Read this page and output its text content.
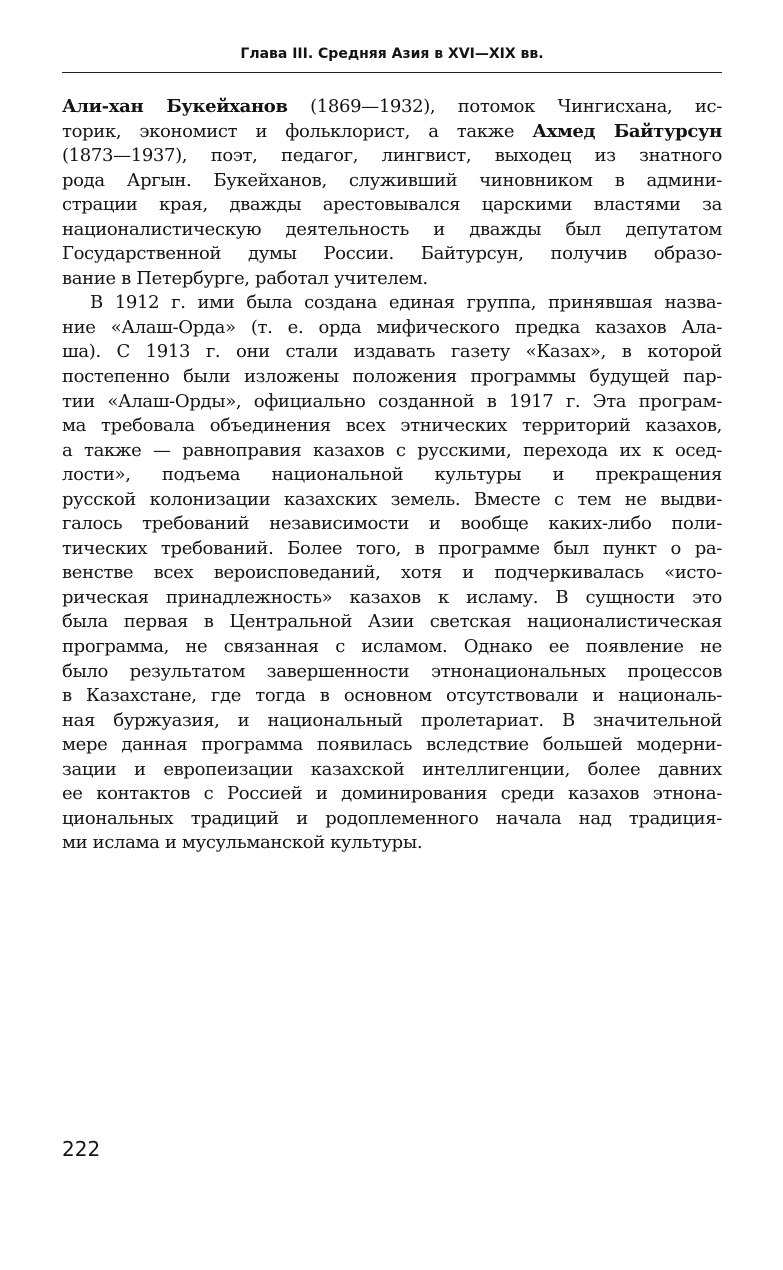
Глава III. Средняя Азия в XVI—XIX вв.
Али-хан Букейханов (1869—1932), потомок Чингисхана, ис-
торик, экономист и фольклорист, а также Ахмед Байтурсун
(1873—1937), поэт, педагог, лингвист, выходец из знатного
рода Аргын. Букейханов, служивший чиновником в админи-
страции края, дважды арестовывался царскими властями за
националистическую деятельность и дважды был депутатом
Государственной думы России. Байтурсун, получив образо-
вание в Петербурге, работал учителем.
В 1912 г. ими была создана единая группа, принявшая назва-
ние «Алаш-Орда» (т. е. орда мифического предка казахов Ала-
ша). С 1913 г. они стали издавать газету «Казах», в которой
постепенно были изложены положения программы будущей пар-
тии «Алаш-Орды», официально созданной в 1917 г. Эта програм-
ма требовала объединения всех этнических территорий казахов,
а также — равноправия казахов с русскими, перехода их к осед-
лости», подъема национальной культуры и прекращения
русской колонизации казахских земель. Вместе с тем не выдви-
галось требований независимости и вообще каких-либо поли-
тических требований. Более того, в программе был пункт о ра-
венстве всех вероисповеданий, хотя и подчеркивалась «исто-
рическая принадлежность» казахов к исламу. В сущности это
была первая в Центральной Азии светская националистическая
программа, не связанная с исламом. Однако ее появление не
было результатом завершенности этнонациональных процессов
в Казахстане, где тогда в основном отсутствовали и националь-
ная буржуазия, и национальный пролетариат. В значительной
мере данная программа появилась вследствие большей модерни-
зации и европеизации казахской интеллигенции, более давних
ее контактов с Россией и доминирования среди казахов этнона-
циональных традиций и родоплеменного начала над традиция-
ми ислама и мусульманской культуры.
222
